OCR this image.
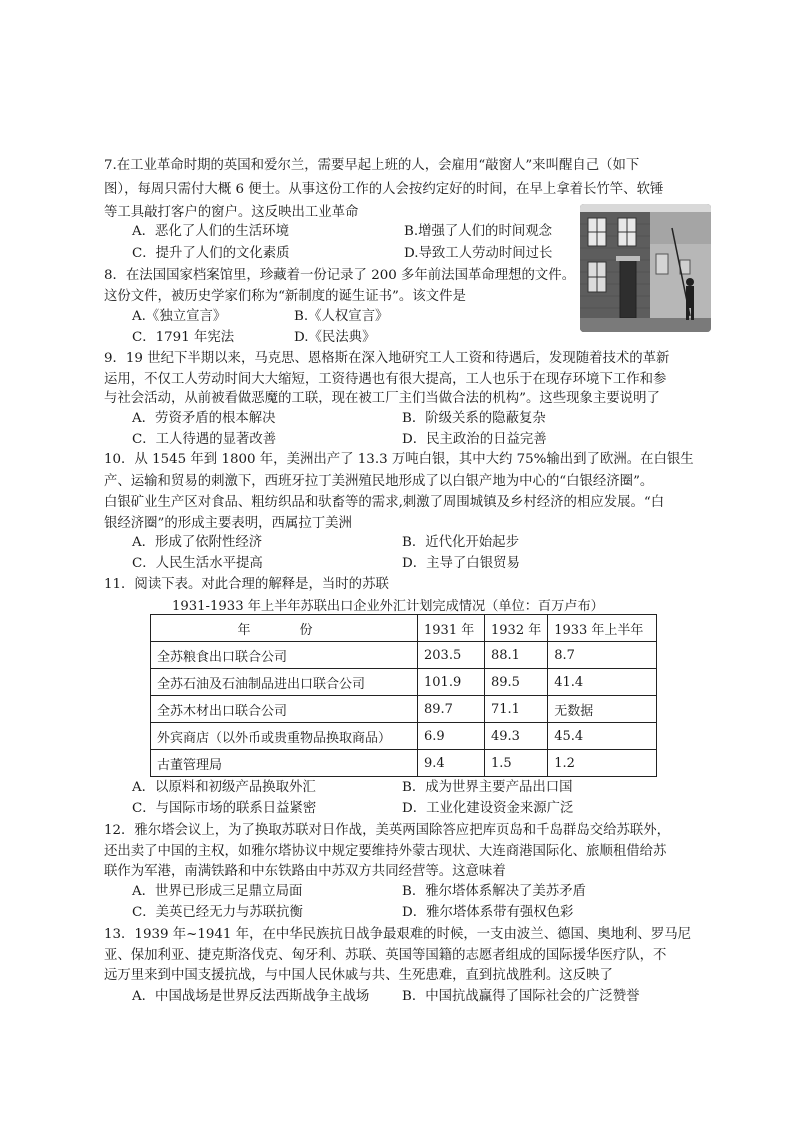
7.在工业革命时期的英国和爱尔兰，需要早起上班的人，会雇用“敲窗人”来叫醒自己（如下
图），每周只需付大概 6 便士。从事这份工作的人会按约定好的时间，在早上拿着长竹竿、软锤
等工具敲打客户的窗户。这反映出工业革命
A．恶化了人们的生活环境	B.增强了人们的时间观念
C．提升了人们的文化素质	D.导致工人劳动时间过长
8．在法国国家档案馆里，珍藏着一份记录了 200 多年前法国革命理想的文件。
这份文件，被历史学家们称为“新制度的诞生证书”。该文件是
A.《独立宣言》	B.《人权宣言》
C．1791 年宪法	D.《民法典》
9．19 世纪下半期以来，马克思、恩格斯在深入地研究工人工资和待遇后，发现随着技术的革新
运用，不仅工人劳动时间大大缩短，工资待遇也有很大提高，工人也乐于在现存环境下工作和参
与社会活动，从前被看做恶魔的工联，现在被工厂主们当做合法的机构”。这些现象主要说明了
A．劳资矛盾的根本解决	B．阶级关系的隐蔽复杂
C．工人待遇的显著改善	D．民主政治的日益完善
10．从 1545 年到 1800 年，美洲出产了 13.3 万吨白银，其中大约 75%输出到了欧洲。在白银生
产、运输和贸易的刺激下，西班牙拉丁美洲殖民地形成了以白银产地为中心的“白银经济圈”。
白银矿业生产区对食品、粗纺织品和驮畜等的需求,刺激了周围城镇及乡村经济的相应发展。“白
银经济圈”的形成主要表明，西属拉丁美洲
A．形成了依附性经济	B．近代化开始起步
C．人民生活水平提高	D．主导了白银贸易
11．阅读下表。对此合理的解释是，当时的苏联
1931-1933 年上半年苏联出口企业外汇计划完成情况（单位：百万卢布）
年　份	1931 年	1932 年	1933 年上半年
全苏粮食出口联合公司	203.5	88.1	8.7
全苏石油及石油制品进出口联合公司	101.9	89.5	41.4
全苏木材出口联合公司	89.7	71.1	无数据
外宾商店（以外币或贵重物品换取商品）	6.9	49.3	45.4
古董管理局	9.4	1.5	1.2
A．以原料和初级产品换取外汇	B．成为世界主要产品出口国
C．与国际市场的联系日益紧密	D．工业化建设资金来源广泛
12．雅尔塔会议上，为了换取苏联对日作战，美英两国除答应把库页岛和千岛群岛交给苏联外，
还出卖了中国的主权，如雅尔塔协议中规定要维持外蒙古现状、大连商港国际化、旅顺租借给苏
联作为军港，南满铁路和中东铁路由中苏双方共同经营等。这意味着
A．世界已形成三足鼎立局面	B．雅尔塔体系解决了美苏矛盾
C．美英已经无力与苏联抗衡	D．雅尔塔体系带有强权色彩
13．1939 年~1941 年，在中华民族抗日战争最艰难的时候，一支由波兰、德国、奥地利、罗马尼
亚、保加利亚、捷克斯洛伐克、匈牙利、苏联、英国等国籍的志愿者组成的国际援华医疗队，不
远万里来到中国支援抗战，与中国人民休戚与共、生死患难，直到抗战胜利。这反映了
A．中国战场是世界反法西斯战争主战场 B．中国抗战赢得了国际社会的广泛赞誉
